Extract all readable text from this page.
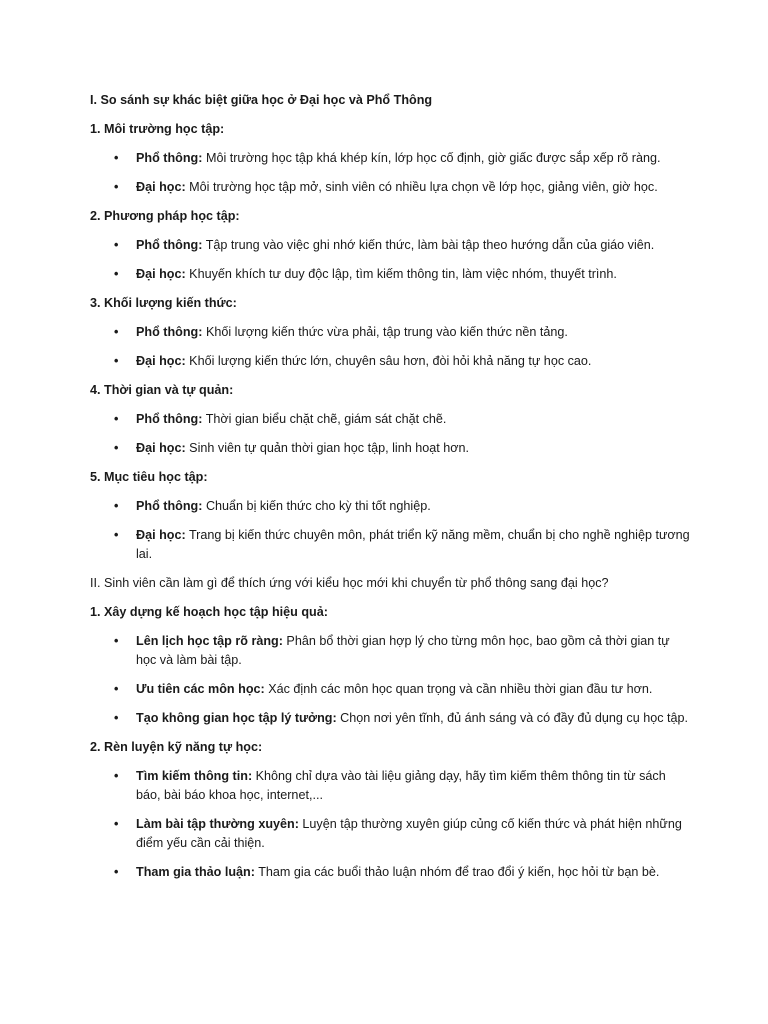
I. So sánh sự khác biệt giữa học ở Đại học và Phổ Thông

1. Môi trường học tập:

• Phổ thông: Môi trường học tập khá khép kín, lớp học cố định, giờ giấc được sắp xếp rõ ràng.
• Đại học: Môi trường học tập mở, sinh viên có nhiều lựa chọn về lớp học, giảng viên, giờ học.

2. Phương pháp học tập:

• Phổ thông: Tập trung vào việc ghi nhớ kiến thức, làm bài tập theo hướng dẫn của giáo viên.
• Đại học: Khuyến khích tư duy độc lập, tìm kiếm thông tin, làm việc nhóm, thuyết trình.

3. Khối lượng kiến thức:

• Phổ thông: Khối lượng kiến thức vừa phải, tập trung vào kiến thức nền tảng.
• Đại học: Khối lượng kiến thức lớn, chuyên sâu hơn, đòi hỏi khả năng tự học cao.

4. Thời gian và tự quản:

• Phổ thông: Thời gian biểu chặt chẽ, giám sát chặt chẽ.
• Đại học: Sinh viên tự quản thời gian học tập, linh hoạt hơn.

5. Mục tiêu học tập:

• Phổ thông: Chuẩn bị kiến thức cho kỳ thi tốt nghiệp.
• Đại học: Trang bị kiến thức chuyên môn, phát triển kỹ năng mềm, chuẩn bị cho nghề nghiệp tương lai.

II. Sinh viên cần làm gì để thích ứng với kiểu học mới khi chuyển từ phổ thông sang đại học?

1. Xây dựng kế hoạch học tập hiệu quả:

• Lên lịch học tập rõ ràng: Phân bổ thời gian hợp lý cho từng môn học, bao gồm cả thời gian tự học và làm bài tập.
• Ưu tiên các môn học: Xác định các môn học quan trọng và cần nhiều thời gian đầu tư hơn.
• Tạo không gian học tập lý tưởng: Chọn nơi yên tĩnh, đủ ánh sáng và có đầy đủ dụng cụ học tập.

2. Rèn luyện kỹ năng tự học:

• Tìm kiếm thông tin: Không chỉ dựa vào tài liệu giảng dạy, hãy tìm kiếm thêm thông tin từ sách báo, bài báo khoa học, internet,...
• Làm bài tập thường xuyên: Luyện tập thường xuyên giúp củng cố kiến thức và phát hiện những điểm yếu cần cải thiện.
• Tham gia thảo luận: Tham gia các buổi thảo luận nhóm để trao đổi ý kiến, học hỏi từ bạn bè.
